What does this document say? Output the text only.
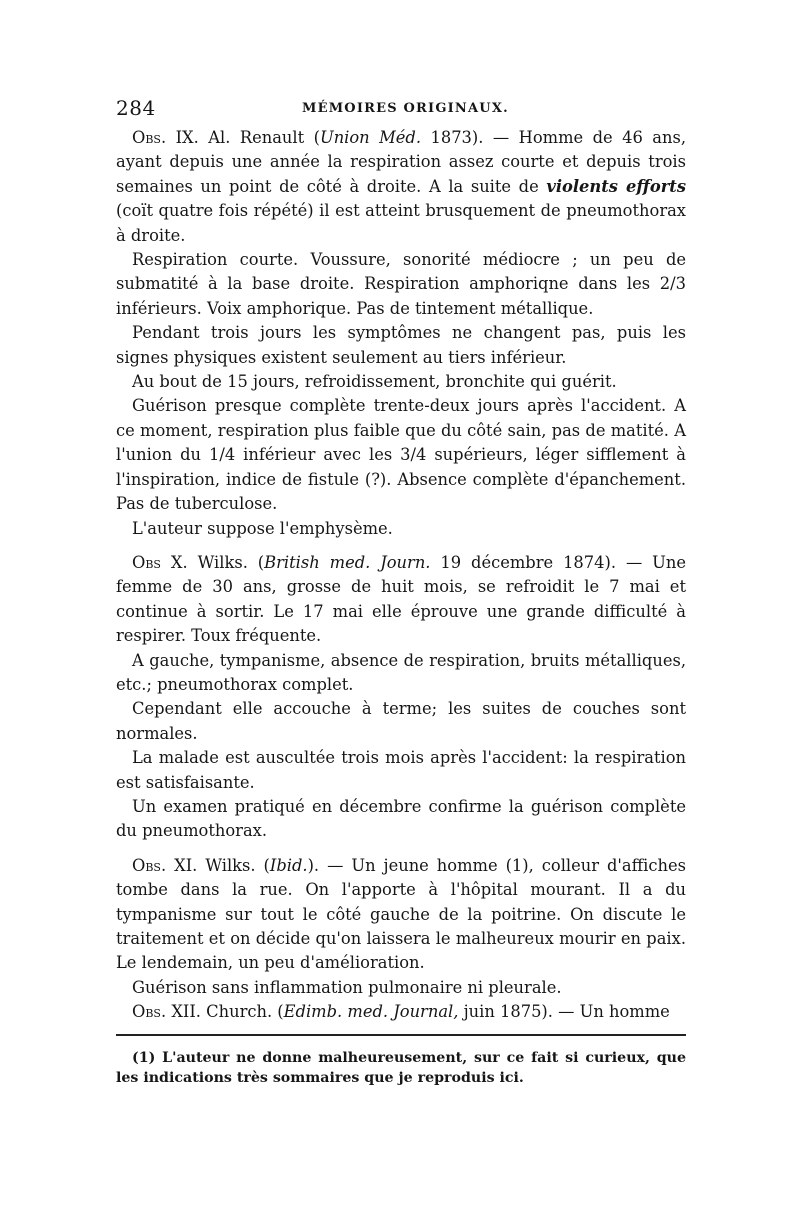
284	MÉMOIRES ORIGINAUX.

Obs. IX. Al. Renault (Union Méd. 1873). — Homme de 46 ans, ayant depuis une année la respiration assez courte et depuis trois semaines un point de côté à droite. A la suite de violents efforts (coït quatre fois répété) il est atteint brusquement de pneumothorax à droite.

Respiration courte. Voussure, sonorité médiocre ; un peu de submatité à la base droite. Respiration amphoriqne dans les 2/3 inférieurs. Voix amphorique. Pas de tintement métallique.

Pendant trois jours les symptômes ne changent pas, puis les signes physiques existent seulement au tiers inférieur.

Au bout de 15 jours, refroidissement, bronchite qui guérit.

Guérison presque complète trente-deux jours après l'accident. A ce moment, respiration plus faible que du côté sain, pas de matité. A l'union du 1/4 inférieur avec les 3/4 supérieurs, léger sifflement à l'inspiration, indice de fistule (?). Absence complète d'épanchement. Pas de tuberculose.

L'auteur suppose l'emphysème.

Obs X. Wilks. (British med. Journ. 19 décembre 1874). — Une femme de 30 ans, grosse de huit mois, se refroidit le 7 mai et continue à sortir. Le 17 mai elle éprouve une grande difficulté à respirer. Toux fréquente.

A gauche, tympanisme, absence de respiration, bruits métalliques, etc.; pneumothorax complet.

Cependant elle accouche à terme; les suites de couches sont normales.

La malade est auscultée trois mois après l'accident: la respiration est satisfaisante.

Un examen pratiqué en décembre confirme la guérison complète du pneumothorax.

Obs. XI. Wilks. (Ibid.). — Un jeune homme (1), colleur d'affiches tombe dans la rue. On l'apporte à l'hôpital mourant. Il a du tympanisme sur tout le côté gauche de la poitrine. On discute le traitement et on décide qu'on laissera le malheureux mourir en paix. Le lendemain, un peu d'amélioration.

Guérison sans inflammation pulmonaire ni pleurale.

Obs. XII. Church. (Edimb. med. Journal, juin 1875). — Un homme

(1) L'auteur ne donne malheureusement, sur ce fait si curieux, que les indications très sommaires que je reproduis ici.
